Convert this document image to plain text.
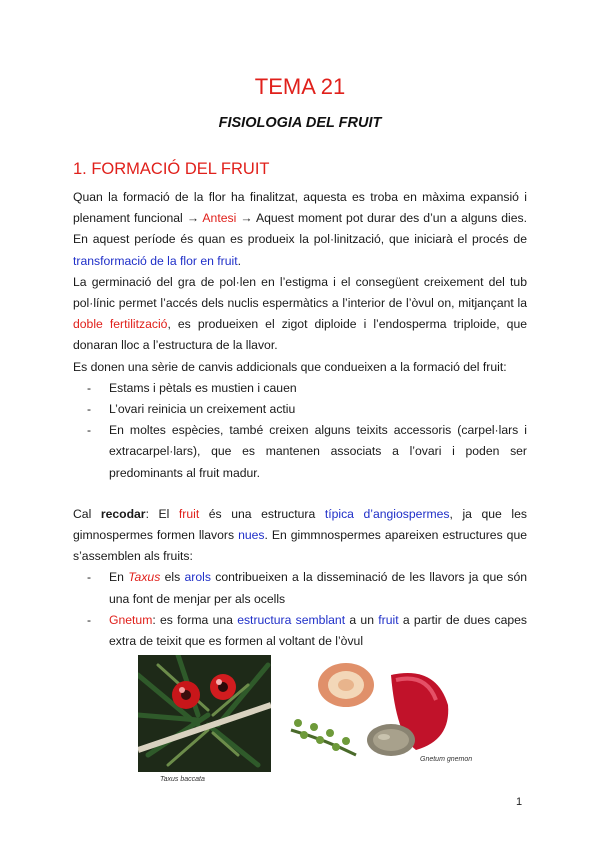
TEMA 21
FISIOLOGIA DEL FRUIT
1. FORMACIÓ DEL FRUIT

Quan la formació de la flor ha finalitzat, aquesta es troba en màxima expansió i plenament funcional → Antesi → Aquest moment pot durar des d’un a alguns dies. En aquest període és quan es produeix la pol·linització, que iniciarà el procés de transformació de la flor en fruit.

La germinació del gra de pol·len en l’estigma i el consegüent creixement del tub pol·línic permet l’accés dels nuclis espermàtics a l’interior de l’òvul on, mitjançant la doble fertilització, es produeixen el zigot diploide i l’endosperma triploide, que donaran lloc a l’estructura de la llavor.

Es donen una sèrie de canvis addicionals que condueixen a la formació del fruit:

- Estams i pètals es mustien i cauen
- L’ovari reinicia un creixement actiu
- En moltes espècies, també creixen alguns teixits accessoris (carpel·lars i extracarpel·lars), que es mantenen associats a l’ovari i poden ser predominants al fruit madur.

Cal recodar: El fruit és una estructura típica d’angiospermes, ja que les gimnospermes formen llavors nues. En gimmnospermes apareixen estructures que s’assemblen als fruits:

- En Taxus els arols contribueixen a la disseminació de les llavors ja que són una font de menjar per als ocells
- Gnetum: es forma una estructura semblant a un fruit a partir de dues capes extra de teixit que es formen al voltant de l’òvul
Taxus baccata
Gnetum gnemon
1
